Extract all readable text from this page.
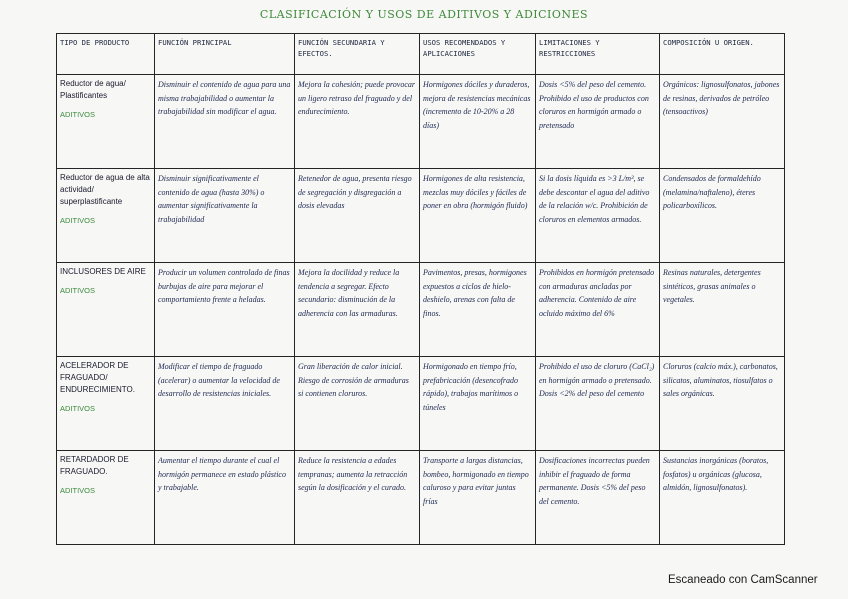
CLASIFICACIÓN Y USOS DE ADITIVOS Y ADICIONES
TIPO DE PRODUCTO	FUNCIÓN PRINCIPAL	FUNCIÓN SECUNDARIA Y EFECTOS.	USOS RECOMENDADOS Y APLICACIONES	LIMITACIONES Y RESTRICCIONES	COMPOSICIÓN U ORIGEN.

Reductor de agua/ Plastificantes
ADITIVOS	Disminuir el contenido de agua para una misma trabajabilidad o aumentar la trabajabilidad sin modificar el agua.	Mejora la cohesión; puede provocar un ligero retraso del fraguado y del endurecimiento.	Hormigones dóciles y duraderos, mejora de resistencias mecánicas (incremento de 10-20% a 28 días)	Dosis <5% del peso del cemento. Prohibido el uso de productos con cloruros en hormigón armado o pretensado	Orgánicos: lignosulfonatos, jabones de resinas, derivados de petróleo (tensoactivos)

Reductor de agua de alta actividad/ superplastificante
ADITIVOS	Disminuir significativamente el contenido de agua (hasta 30%) o aumentar significativamente la trabajabilidad	Retenedor de agua, presenta riesgo de segregación y disgregación a dosis elevadas	Hormigones de alta resistencia, mezclas muy dóciles y fáciles de poner en obra (hormigón fluido)	Si la dosis líquida es >3 L/m³, se debe descontar el agua del aditivo de la relación w/c. Prohibición de cloruros en elementos armados.	Condensados de formaldehído (melamina/naftaleno), éteres policarboxílicos.

INCLUSORES DE AIRE
ADITIVOS	Producir un volumen controlado de finas burbujas de aire para mejorar el comportamiento frente a heladas.	Mejora la docilidad y reduce la tendencia a segregar. Efecto secundario: disminución de la adherencia con las armaduras.	Pavimentos, presas, hormigones expuestos a ciclos de hielo-deshielo, arenas con falta de finos.	Prohibidos en hormigón pretensado con armaduras ancladas por adherencia. Contenido de aire ocluido máximo del 6%	Resinas naturales, detergentes sintéticos, grasas animales o vegetales.

ACELERADOR DE FRAGUADO/ ENDURECIMIENTO.
ADITIVOS	Modificar el tiempo de fraguado (acelerar) o aumentar la velocidad de desarrollo de resistencias iniciales.	Gran liberación de calor inicial. Riesgo de corrosión de armaduras si contienen cloruros.	Hormigonado en tiempo frío, prefabricación (desencofrado rápido), trabajos marítimos o túneles	Prohibido el uso de cloruro (CaCl₂) en hormigón armado o pretensado. Dosis <2% del peso del cemento	Cloruros (calcio máx.), carbonatos, silicatos, aluminatos, tiosulfatos o sales orgánicas.

RETARDADOR DE FRAGUADO.
ADITIVOS	Aumentar el tiempo durante el cual el hormigón permanece en estado plástico y trabajable.	Reduce la resistencia a edades tempranas; aumenta la retracción según la dosificación y el curado.	Transporte a largas distancias, bombeo, hormigonado en tiempo caluroso y para evitar juntas frías	Dosificaciones incorrectas pueden inhibir el fraguado de forma permanente. Dosis <5% del peso del cemento.	Sustancias inorgánicas (boratos, fosfatos) u orgánicas (glucosa, almidón, lignosulfonatos).
Escaneado con CamScanner
